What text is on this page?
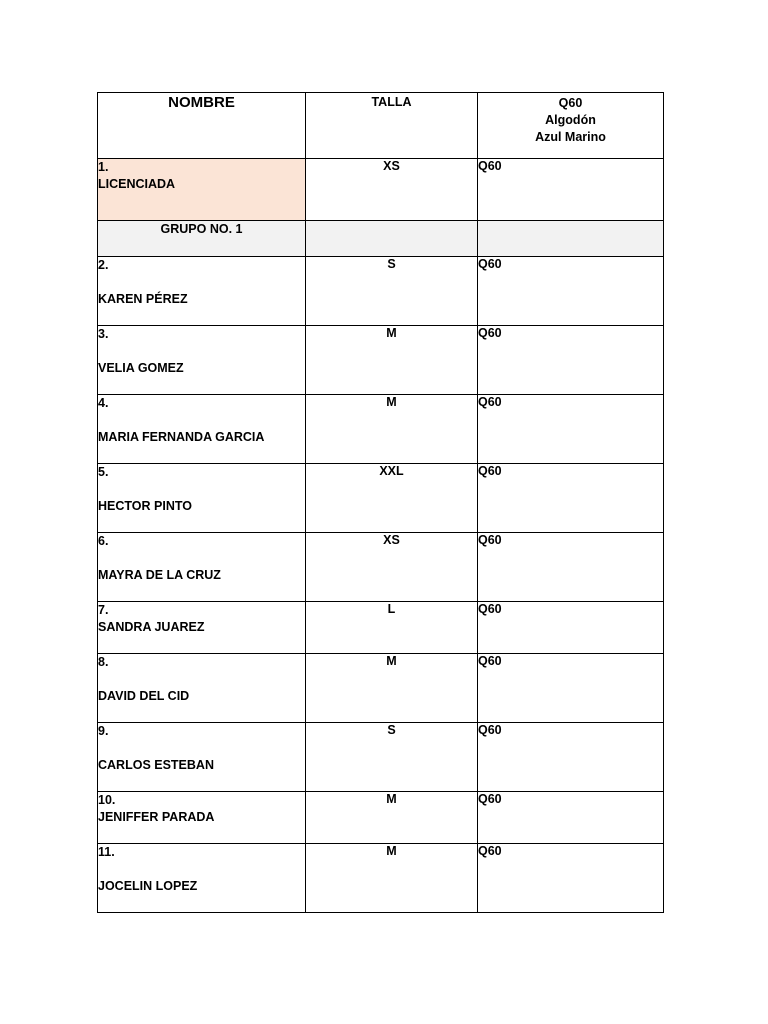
NOMBRE	TALLA	Q60
Algodón
Azul Marino

1.
LICENCIADA	XS	Q60
GRUPO NO. 1		

2.
KAREN PÉREZ	S	Q60

3.
VELIA GOMEZ	M	Q60

4.
MARIA FERNANDA GARCIA	M	Q60

5.
HECTOR PINTO	XXL	Q60

6.
MAYRA DE LA CRUZ	XS	Q60

7.
SANDRA JUAREZ	L	Q60

8.
DAVID DEL CID	M	Q60

9.
CARLOS ESTEBAN	S	Q60

10.
JENIFFER PARADA	M	Q60

11.
JOCELIN LOPEZ	M	Q60
